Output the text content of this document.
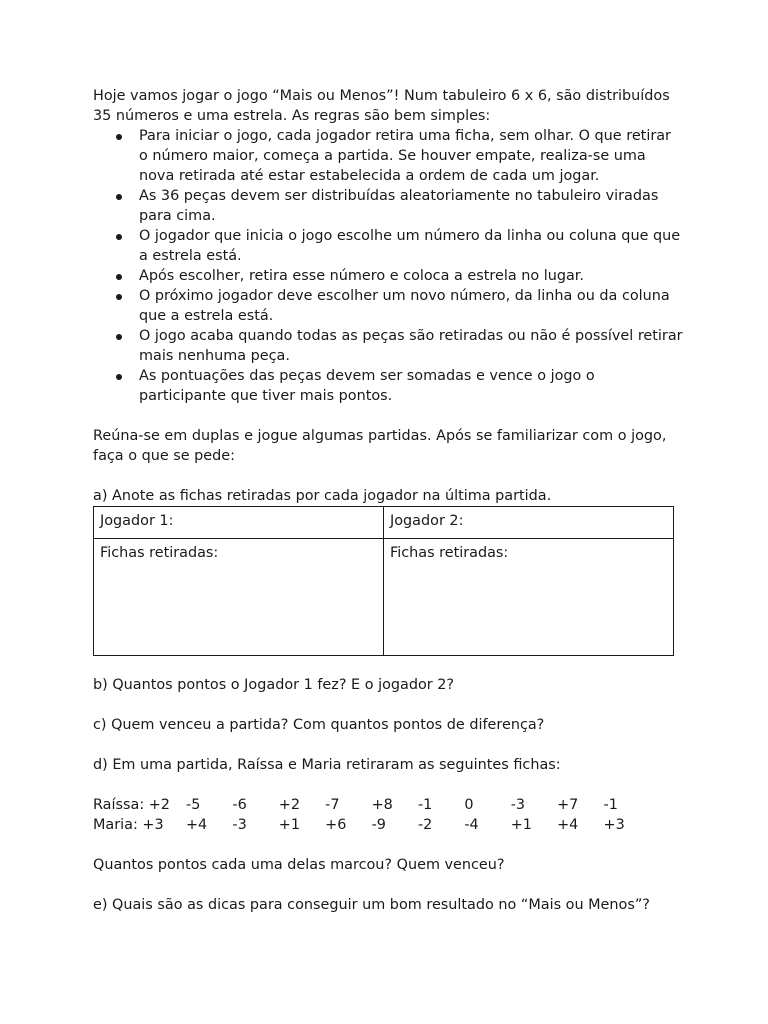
Hoje vamos jogar o jogo “Mais ou Menos”! Num tabuleiro 6 x 6, são distribuídos 35 números e uma estrela. As regras são bem simples:

Para iniciar o jogo, cada jogador retira uma ficha, sem olhar. O que retirar o número maior, começa a partida. Se houver empate, realiza-se uma nova retirada até estar estabelecida a ordem de cada um jogar.
As 36 peças devem ser distribuídas aleatoriamente no tabuleiro viradas para cima.
O jogador que inicia o jogo escolhe um número da linha ou coluna que que a estrela está.
Após escolher, retira esse número e coloca a estrela no lugar.
O próximo jogador deve escolher um novo número, da linha ou da coluna que a estrela está.
O jogo acaba quando todas as peças são retiradas ou não é possível retirar mais nenhuma peça.
As pontuações das peças devem ser somadas e vence o jogo o participante que tiver mais pontos.

Reúna-se em duplas e jogue algumas partidas. Após se familiarizar com o jogo, faça o que se pede:

a) Anote as fichas retiradas por cada jogador na última partida.

Jogador 1:	Jogador 2:
Fichas retiradas:	Fichas retiradas:

b) Quantos pontos o Jogador 1 fez? E o jogador 2?

c) Quem venceu a partida? Com quantos pontos de diferença?

d) Em uma partida, Raíssa e Maria retiraram as seguintes fichas:

Raíssa: +2	-5	-6	+2	-7	+8	-1	0	-3	+7	-1
Maria: +3	+4	-3	+1	+6	-9	-2	-4	+1	+4	+3

Quantos pontos cada uma delas marcou? Quem venceu?

e) Quais são as dicas para conseguir um bom resultado no “Mais ou Menos”?
